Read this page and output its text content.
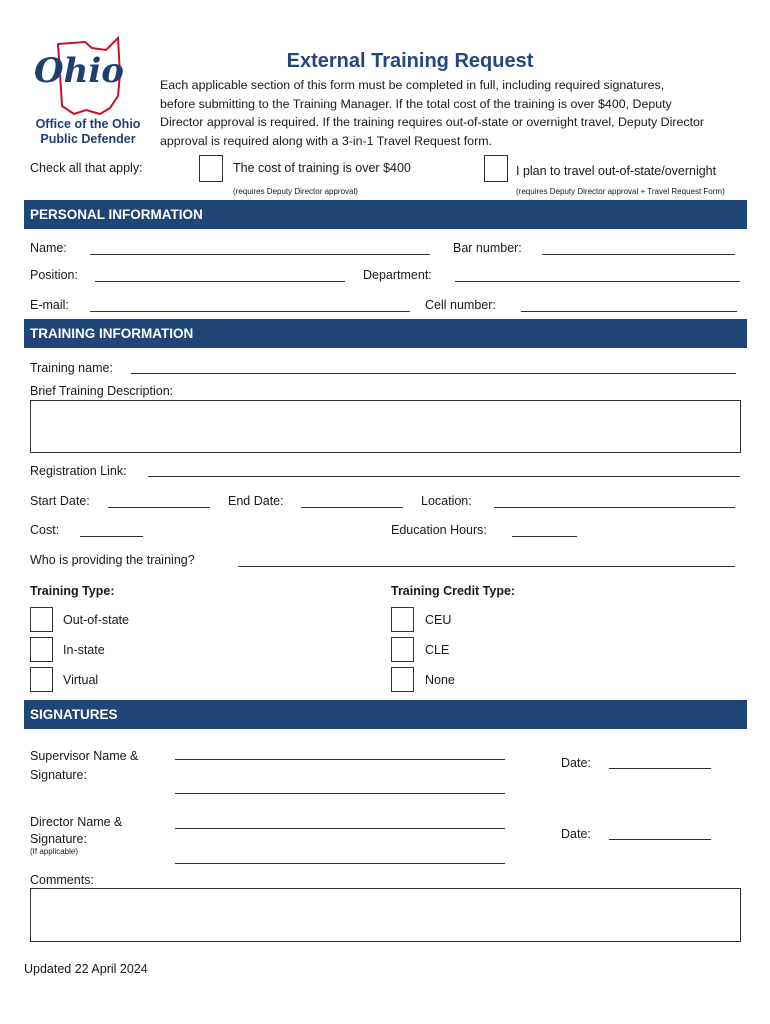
Ohio
Office of the Ohio
Public Defender
External Training Request
Each applicable section of this form must be completed in full, including required signatures,
before submitting to the Training Manager. If the total cost of the training is over $400, Deputy
Director approval is required. If the training requires out-of-state or overnight travel, Deputy Director
approval is required along with a 3-in-1 Travel Request form.
Check all that apply:	The cost of training is over $400
(requires Deputy Director approval)
I plan to travel out-of-state/overnight
(requires Deputy Director approval + Travel Request Form)
PERSONAL INFORMATION
Name:	Bar number:
Position:	Department:
E-mail:	Cell number:
TRAINING INFORMATION
Training name:
Brief Training Description:
Registration Link:
Start Date:	End Date:	Location:
Cost:	Education Hours:
Who is providing the training?
Training Type:	Training Credit Type:
Out-of-state
In-state
Virtual
CEU
CLE
None
SIGNATURES
Supervisor Name &
Signature:
Date:
Director Name &
Signature:
(If applicable)
Date:
Comments:
Updated 22 April 2024
